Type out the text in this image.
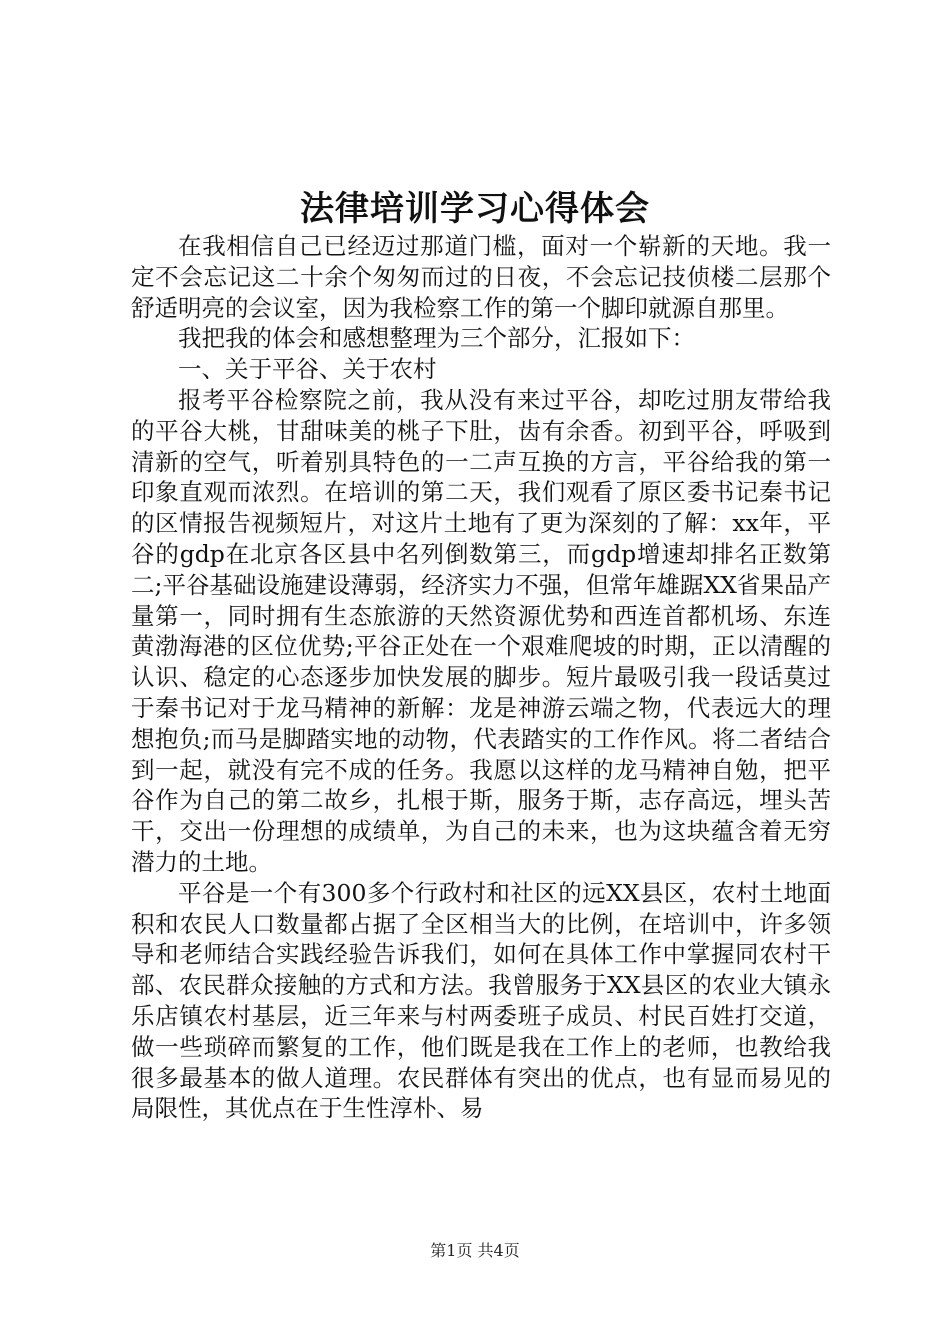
法律培训学习心得体会

在我相信自己已经迈过那道门槛，面对一个崭新的天地。我一定不会忘记这二十余个匆匆而过的日夜，不会忘记技侦楼二层那个舒适明亮的会议室，因为我检察工作的第一个脚印就源自那里。

我把我的体会和感想整理为三个部分，汇报如下：

一、关于平谷、关于农村

报考平谷检察院之前，我从没有来过平谷，却吃过朋友带给我的平谷大桃，甘甜味美的桃子下肚，齿有余香。初到平谷，呼吸到清新的空气，听着别具特色的一二声互换的方言，平谷给我的第一印象直观而浓烈。在培训的第二天，我们观看了原区委书记秦书记的区情报告视频短片，对这片土地有了更为深刻的了解：xx年，平谷的gdp在北京各区县中名列倒数第三，而gdp增速却排名正数第二;平谷基础设施建设薄弱，经济实力不强，但常年雄踞XX省果品产量第一，同时拥有生态旅游的天然资源优势和西连首都机场、东连黄渤海港的区位优势;平谷正处在一个艰难爬坡的时期，正以清醒的认识、稳定的心态逐步加快发展的脚步。短片最吸引我一段话莫过于秦书记对于龙马精神的新解：龙是神游云端之物，代表远大的理想抱负;而马是脚踏实地的动物，代表踏实的工作作风。将二者结合到一起，就没有完不成的任务。我愿以这样的龙马精神自勉，把平谷作为自己的第二故乡，扎根于斯，服务于斯，志存高远，埋头苦干，交出一份理想的成绩单，为自己的未来，也为这块蕴含着无穷潜力的土地。

平谷是一个有300多个行政村和社区的远XX县区，农村土地面积和农民人口数量都占据了全区相当大的比例，在培训中，许多领导和老师结合实践经验告诉我们，如何在具体工作中掌握同农村干部、农民群众接触的方式和方法。我曾服务于XX县区的农业大镇永乐店镇农村基层，近三年来与村两委班子成员、村民百姓打交道，做一些琐碎而繁复的工作，他们既是我在工作上的老师，也教给我很多最基本的做人道理。农民群体有突出的优点，也有显而易见的局限性，其优点在于生性淳朴、易

第1页 共4页
